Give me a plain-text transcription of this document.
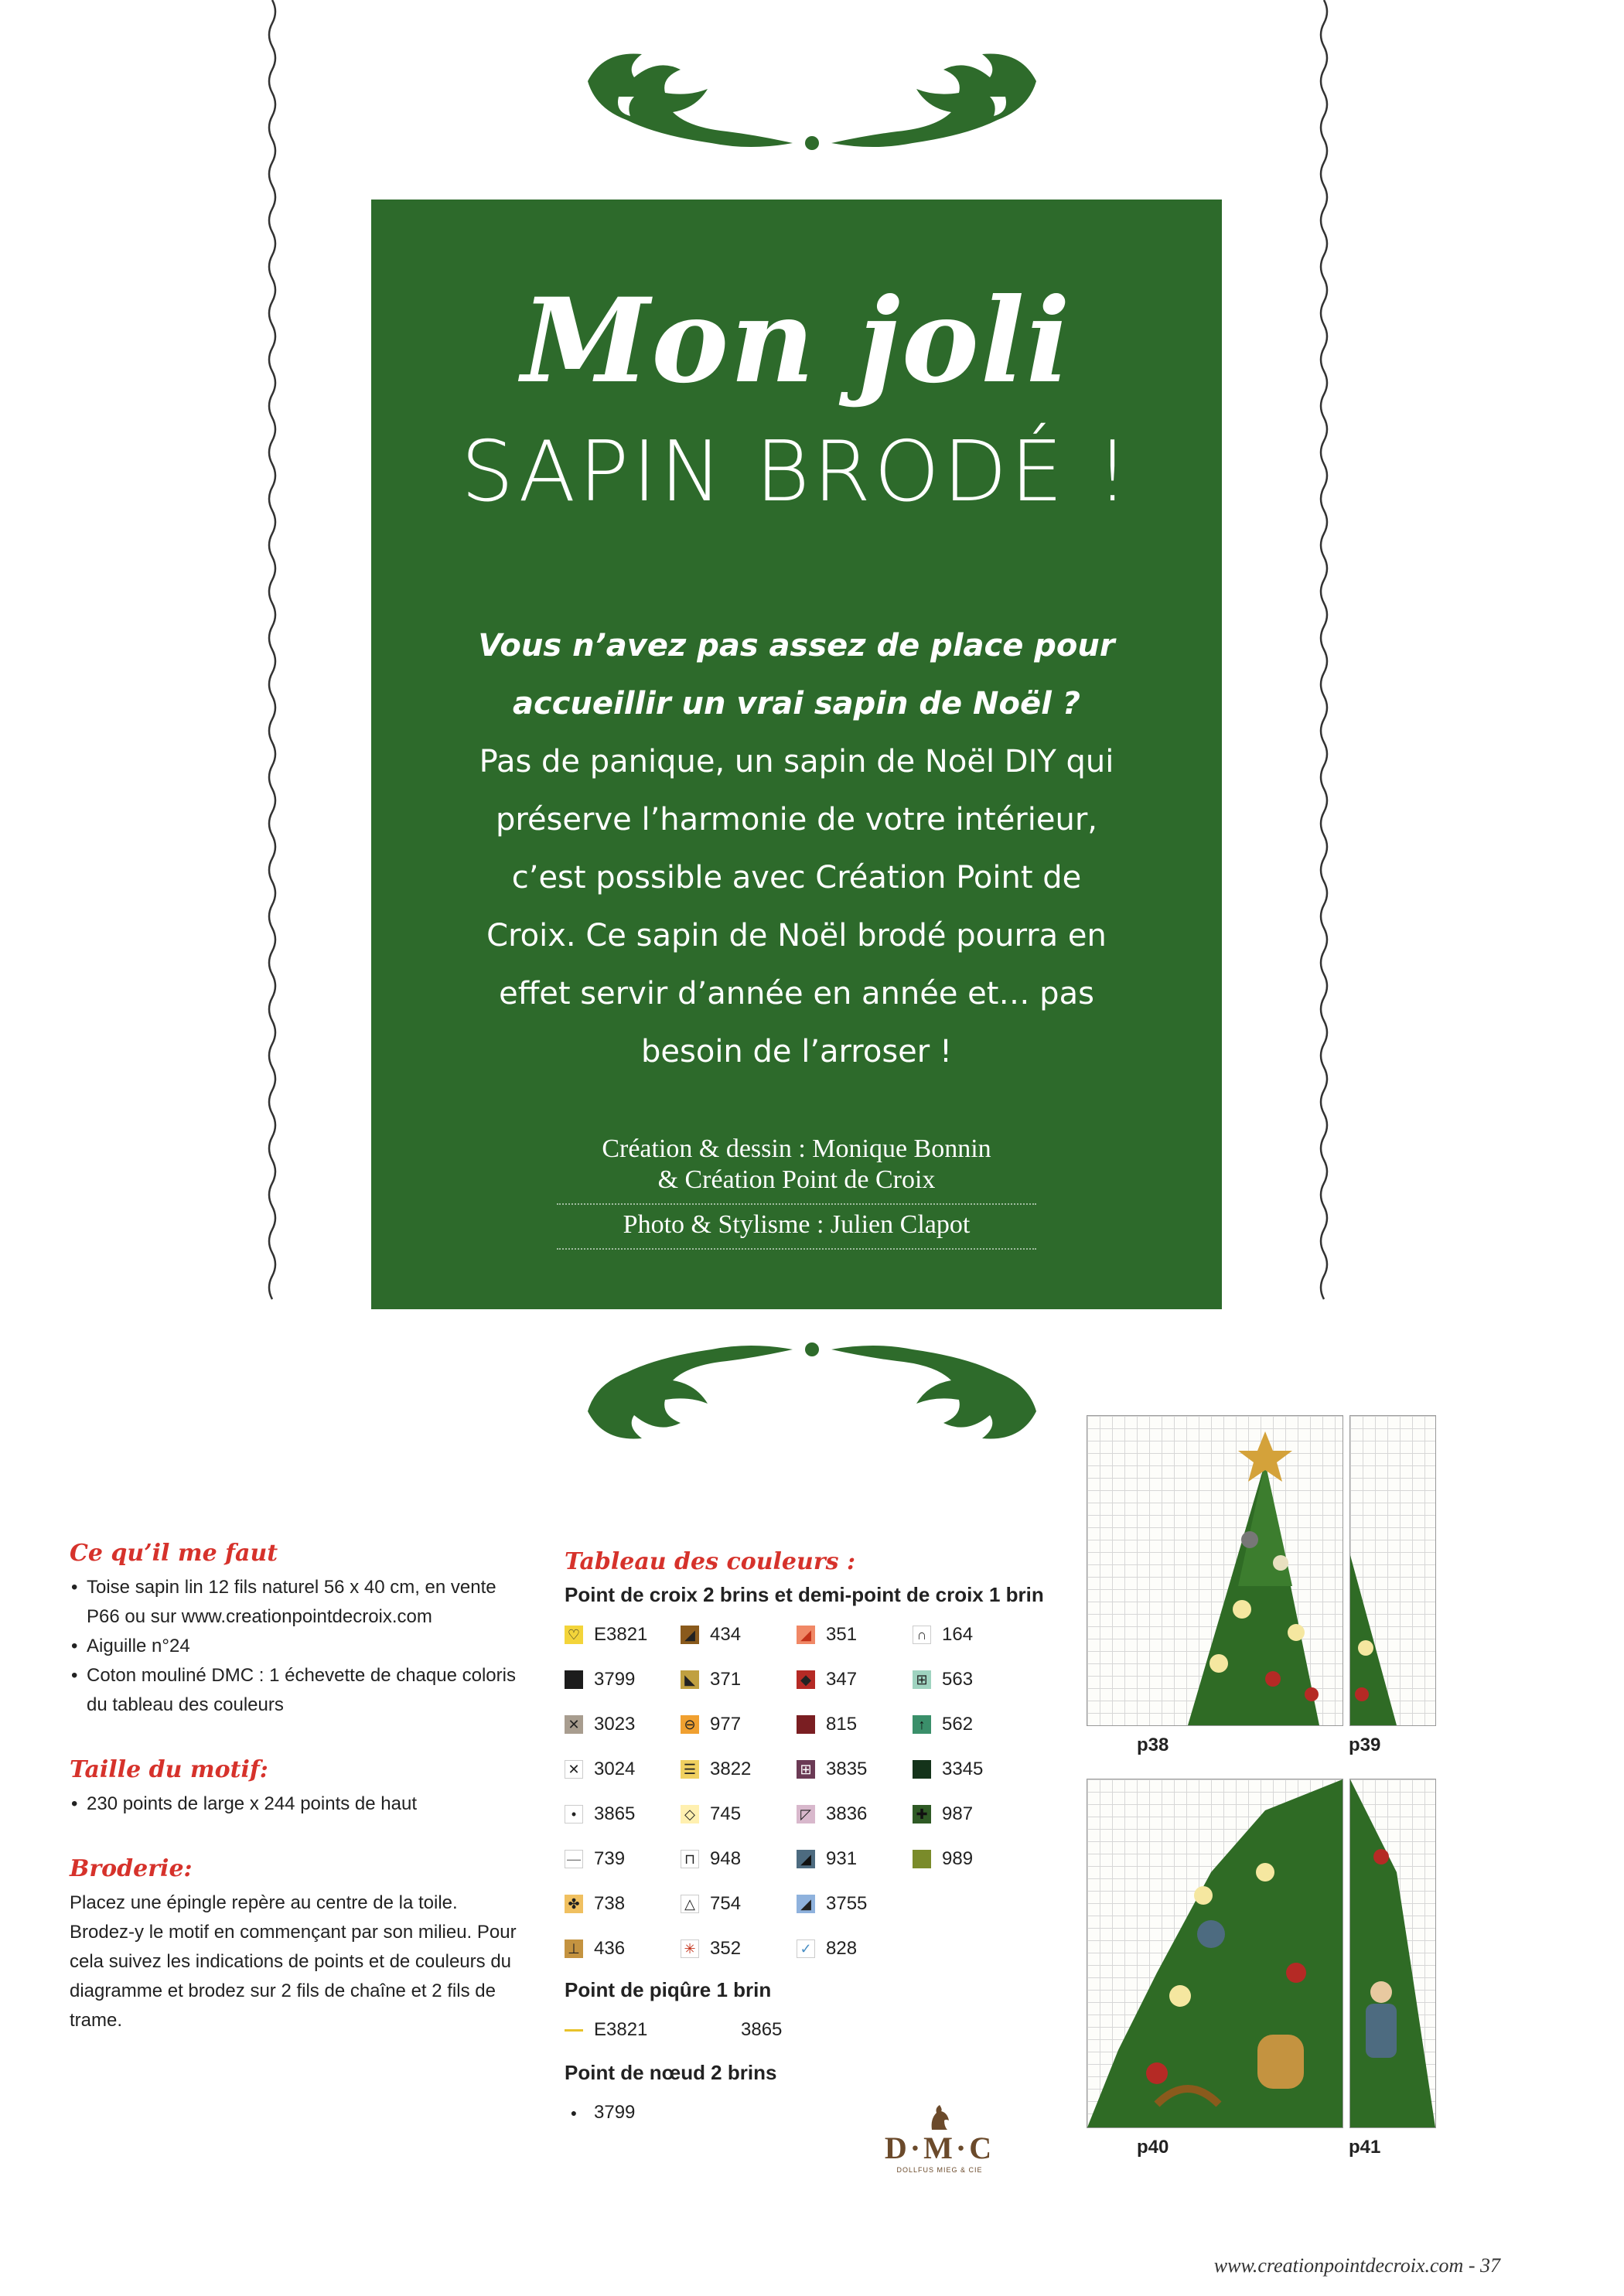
Mon joli
SAPIN BRODÉ !
Vous n’avez pas assez de place pour accueillir un vrai sapin de Noël ?
Pas de panique, un sapin de Noël DIY qui préserve l’harmonie de votre intérieur, c’est possible avec Création Point de Croix. Ce sapin de Noël brodé pourra en effet servir d’année en année et… pas besoin de l’arroser !
Création & dessin : Monique Bonnin
& Création Point de Croix
Photo & Stylisme : Julien Clapot
Ce qu’il me faut
• Toise sapin lin 12 fils naturel 56 x 40 cm, en vente P66 ou sur www.creationpointdecroix.com
• Aiguille n°24
• Coton mouliné DMC : 1 échevette de chaque coloris du tableau des couleurs
Taille du motif:
• 230 points de large x 244 points de haut
Broderie:

Placez une épingle repère au centre de la toile. Brodez-y le motif en commençant par son milieu. Pour cela suivez les indications de points et de couleurs du diagramme et brodez sur 2 fils de chaîne et 2 fils de trame.

Tableau des couleurs :
Point de croix 2 brins et demi-point de croix 1 brin
♡ E3821	◢ 434	◢ 351	∩ 164
3799	◣ 371	◆ 347	⊞ 563
✕ 3023	⊖ 977	815	↑ 562
✕ 3024	☰ 3822	⊞ 3835	3345
• 3865	◇ 745	◸ 3836	✚ 987
— 739	⊓ 948	◢ 931	989
✤ 738	△ 754	◢ 3755
⊥ 436	✳ 352	✓ 828
Point de piqûre 1 brin
E3821	3865
Point de nœud 2 brins
● 3799
D·M·C
DOLLFUS MIEG & CIE
p38	p39
p40	p41
www.creationpointdecroix.com - 37
